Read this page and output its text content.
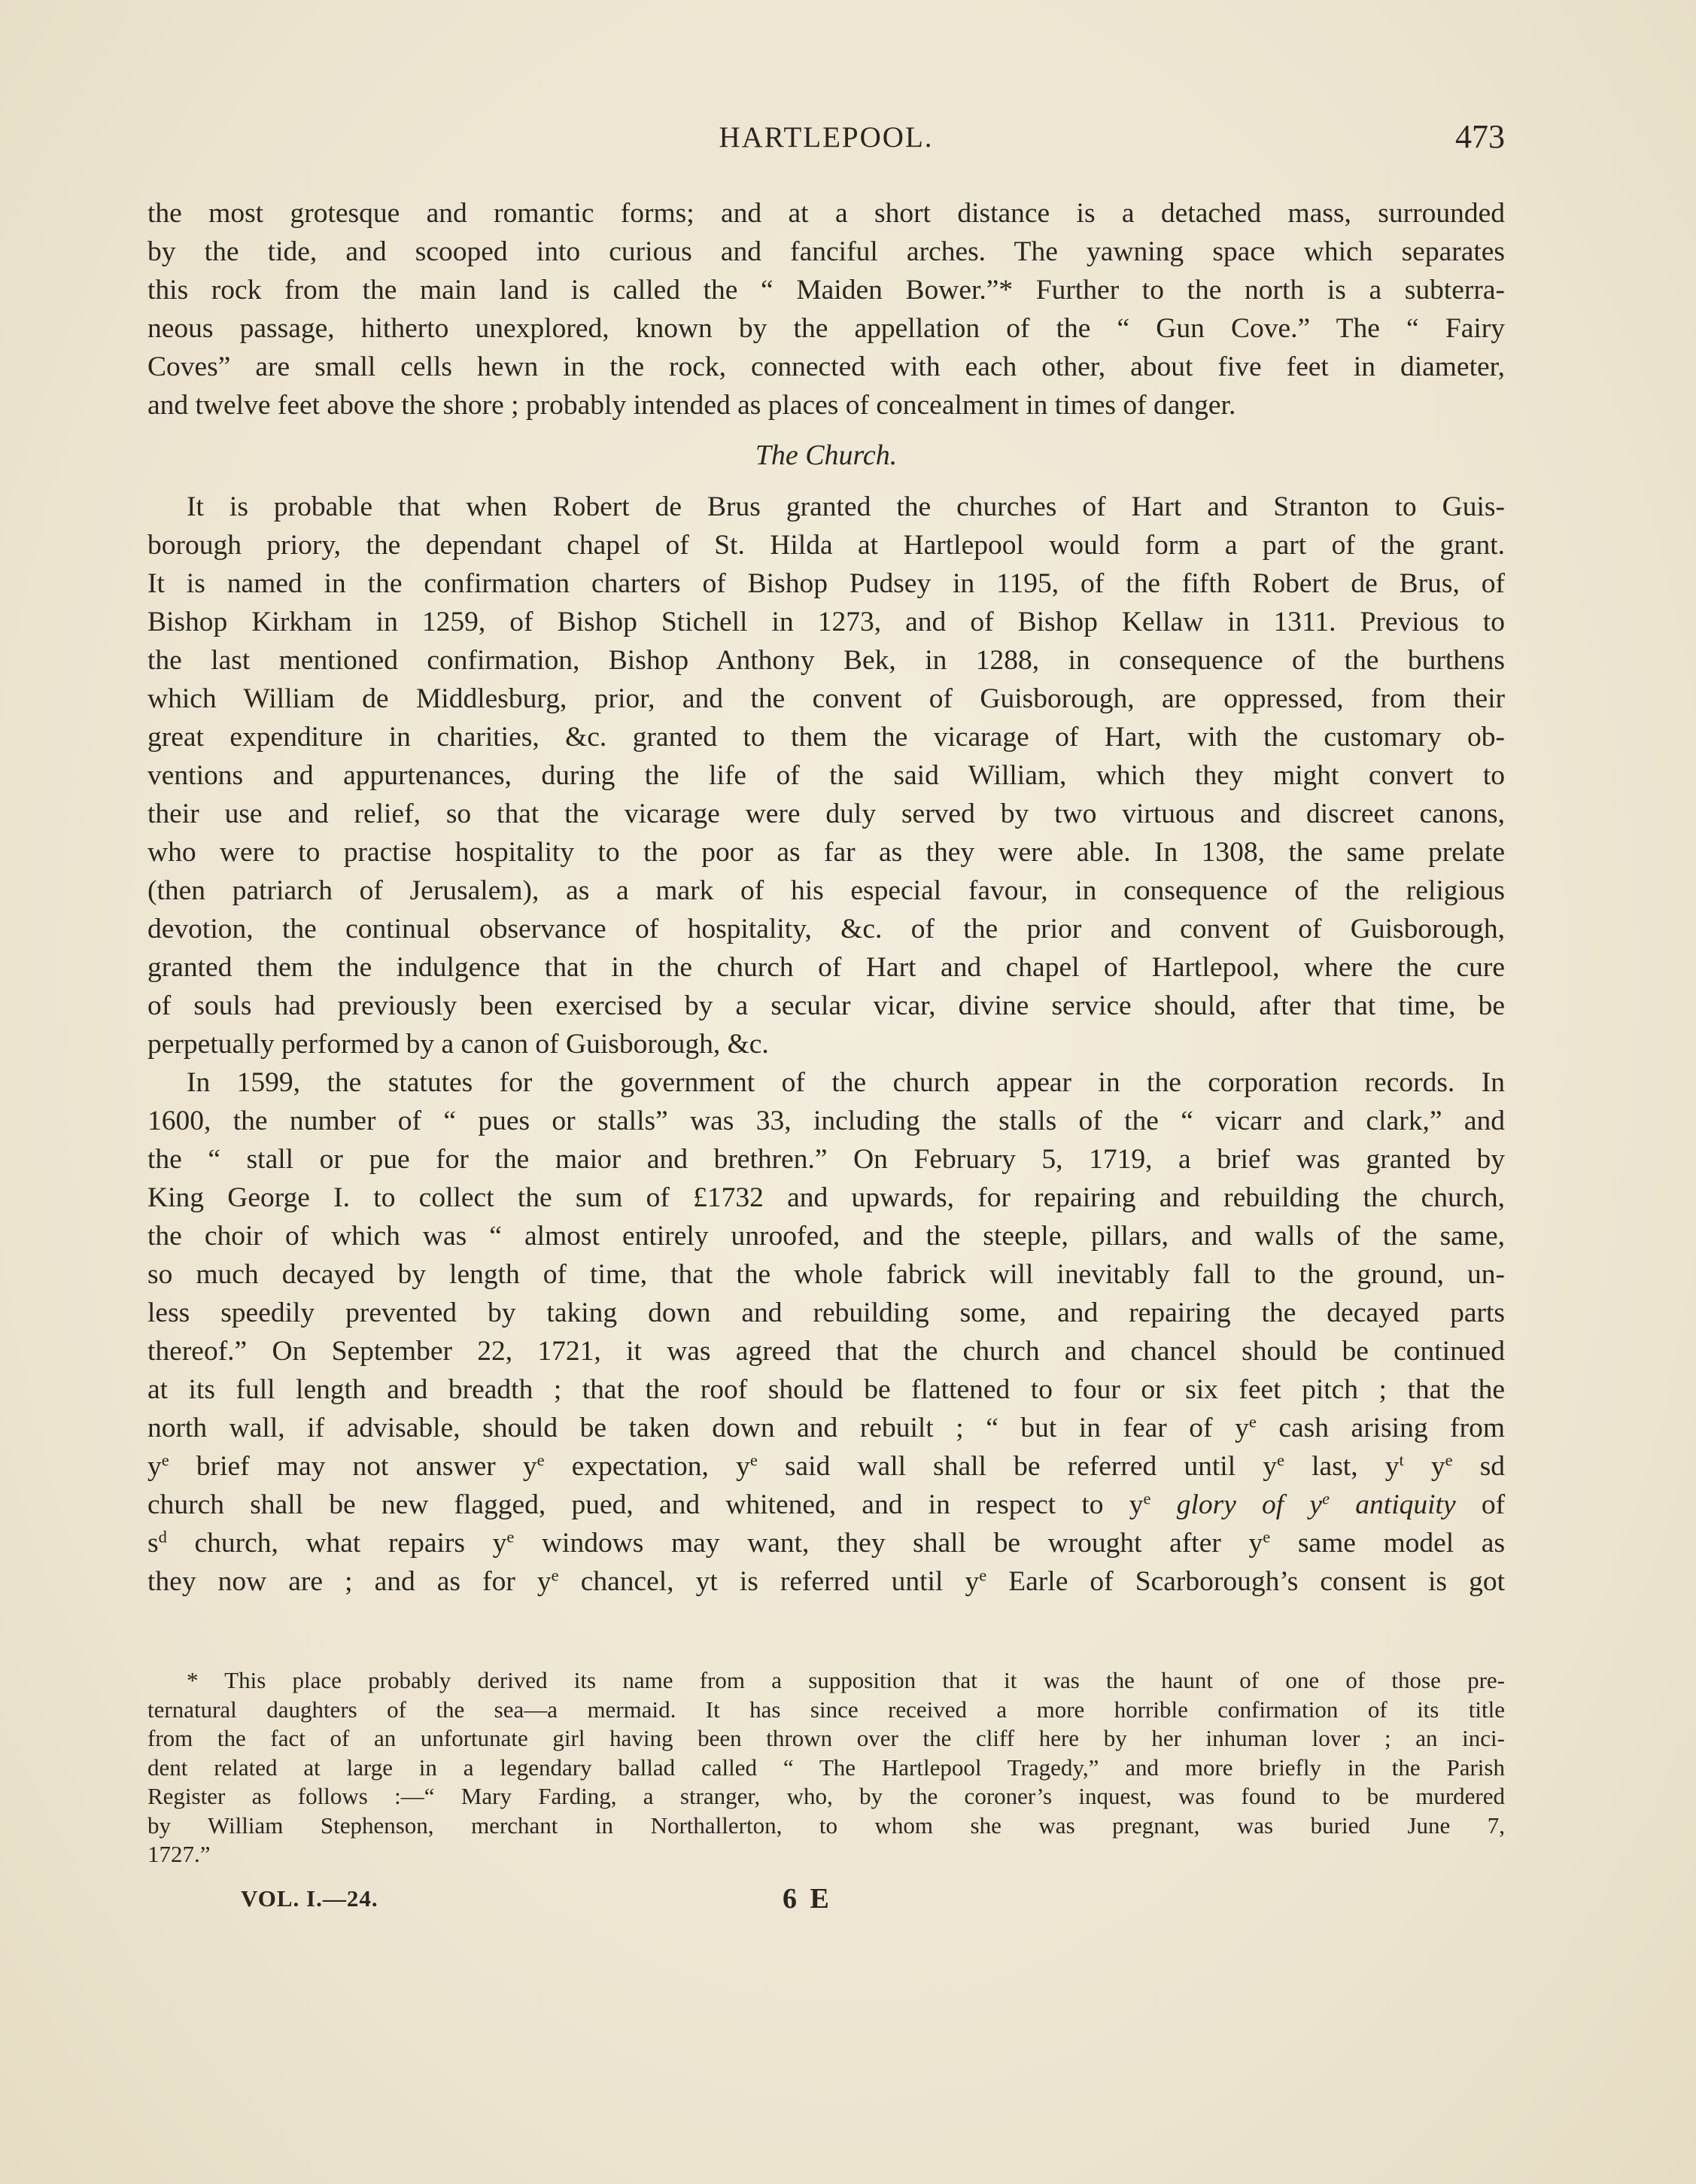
HARTLEPOOL.	473
the most grotesque and romantic forms; and at a short distance is a detached mass, surrounded
by the tide, and scooped into curious and fanciful arches. The yawning space which separates
this rock from the main land is called the “ Maiden Bower.”* Further to the north is a subterra-
neous passage, hitherto unexplored, known by the appellation of the “ Gun Cove.” The “ Fairy
Coves” are small cells hewn in the rock, connected with each other, about five feet in diameter,
and twelve feet above the shore ; probably intended as places of concealment in times of danger.
The Church.
It is probable that when Robert de Brus granted the churches of Hart and Stranton to Guis-
borough priory, the dependant chapel of St. Hilda at Hartlepool would form a part of the grant.
It is named in the confirmation charters of Bishop Pudsey in 1195, of the fifth Robert de Brus, of
Bishop Kirkham in 1259, of Bishop Stichell in 1273, and of Bishop Kellaw in 1311. Previous to
the last mentioned confirmation, Bishop Anthony Bek, in 1288, in consequence of the burthens
which William de Middlesburg, prior, and the convent of Guisborough, are oppressed, from their
great expenditure in charities, &c. granted to them the vicarage of Hart, with the customary ob-
ventions and appurtenances, during the life of the said William, which they might convert to
their use and relief, so that the vicarage were duly served by two virtuous and discreet canons,
who were to practise hospitality to the poor as far as they were able. In 1308, the same prelate
(then patriarch of Jerusalem), as a mark of his especial favour, in consequence of the religious
devotion, the continual observance of hospitality, &c. of the prior and convent of Guisborough,
granted them the indulgence that in the church of Hart and chapel of Hartlepool, where the cure
of souls had previously been exercised by a secular vicar, divine service should, after that time, be
perpetually performed by a canon of Guisborough, &c.
In 1599, the statutes for the government of the church appear in the corporation records. In
1600, the number of “ pues or stalls” was 33, including the stalls of the “ vicarr and clark,” and
the “ stall or pue for the maior and brethren.” On February 5, 1719, a brief was granted by
King George I. to collect the sum of £1732 and upwards, for repairing and rebuilding the church,
the choir of which was “ almost entirely unroofed, and the steeple, pillars, and walls of the same,
so much decayed by length of time, that the whole fabrick will inevitably fall to the ground, un-
less speedily prevented by taking down and rebuilding some, and repairing the decayed parts
thereof.” On September 22, 1721, it was agreed that the church and chancel should be continued
at its full length and breadth ; that the roof should be flattened to four or six feet pitch ; that the
north wall, if advisable, should be taken down and rebuilt ; “ but in fear of $y^e$ cash arising from
$y^e$ brief may not answer $y^e$ expectation, $y^e$ said wall shall be referred until $y^e$ last, $y^t$ $y^e$ sd
church shall be new flagged, pued, and whitened, and in respect to $y^e$ glory of $y^e$ antiquity of
$s^d$ church, what repairs $y^e$ windows may want, they shall be wrought after $y^e$ same model as
they now are ; and as for $y^e$ chancel, yt is referred until $y^e$ Earle of Scarborough’s consent is got
* This place probably derived its name from a supposition that it was the haunt of one of those pre-
ternatural daughters of the sea—a mermaid. It has since received a more horrible confirmation of its title
from the fact of an unfortunate girl having been thrown over the cliff here by her inhuman lover ; an inci-
dent related at large in a legendary ballad called “ The Hartlepool Tragedy,” and more briefly in the Parish
Register as follows :—“ Mary Farding, a stranger, who, by the coroner’s inquest, was found to be murdered
by William Stephenson, merchant in Northallerton, to whom she was pregnant, was buried June 7,
1727.”
VOL. I.—24.	6 E
